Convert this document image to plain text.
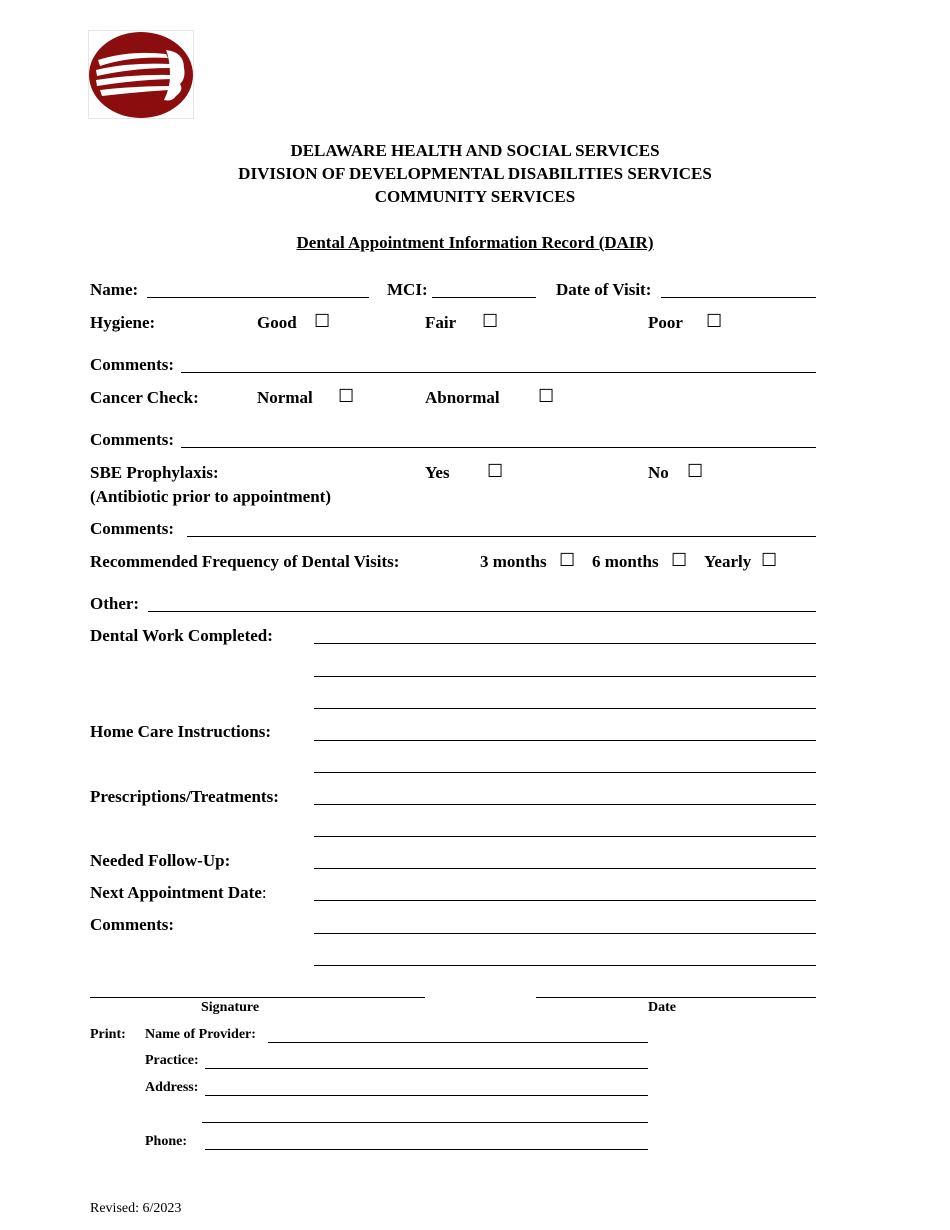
DELAWARE HEALTH AND SOCIAL SERVICES
DIVISION OF DEVELOPMENTAL DISABILITIES SERVICES
COMMUNITY SERVICES
Dental Appointment Information Record (DAIR)
Name:	MCI:	Date of Visit:
Hygiene:	Good ☐	Fair ☐	Poor ☐
Comments:
Cancer Check:	Normal ☐	Abnormal ☐
Comments:
SBE Prophylaxis:
(Antibiotic prior to appointment)
Yes ☐	No ☐
Comments:
Recommended Frequency of Dental Visits:	3 months ☐ 6 months ☐ Yearly ☐
Other:
Dental Work Completed:
Home Care Instructions:
Prescriptions/Treatments:
Needed Follow-Up:
Next Appointment Date:
Comments:
Signature	Date
Print: Name of Provider:
Practice:
Address:
Phone:
Revised: 6/2023
